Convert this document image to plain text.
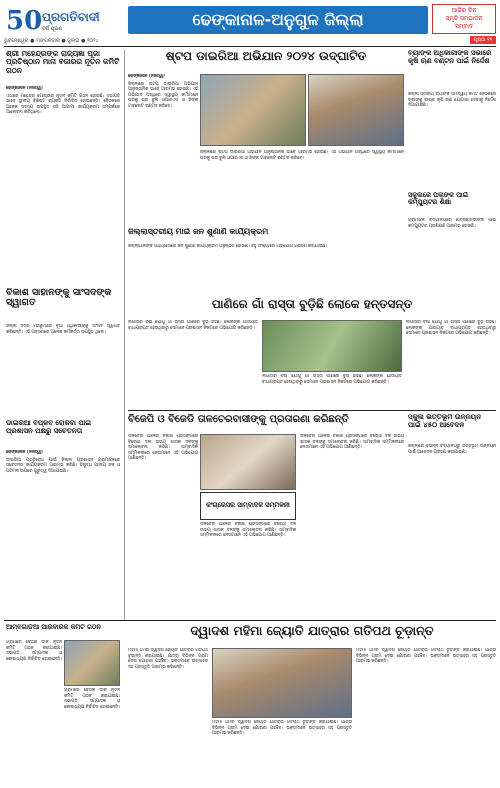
50 ପ୍ରଗତିବାଦୀ
ବର୍ଷ ପୂରଣ	ଢେଙ୍କାନାଳ-ଅନୁଗୁଳ ଜିଲ୍ଲା	ଆଜିର ଦିନ
ସ୍ମୃତି ସମ୍ପାଦନ
ସମ୍ବାଦ
ଭୁବନେଶ୍ୱର ● ମଙ୍ଗଳବାର ● ଜୁଲାଇ ● ୨୦୨୪	ପୃଷ୍ଠା ୧୧
ଶ୍ରୀ ମହେନ୍ଦ୍ରଙ୍କ ରାଜ୍ୟଜ୍ଞା ପୂଜା ପ୍ରତିଷ୍ଠାନ ମାନା ବଜାରର ନୂତନ କମିଟି ଗଠନ

ଢେଙ୍କାନାଳ (ନିଜସ୍ୱ)

ଏଠାରେ ମହେନ୍ଦ୍ର ଗୋଷ୍ଠୀର ନୂତନ କମିଟି ଗଠନ ହୋଇଛି। ସଭାପତି ଭାବେ ସ୍ଥାନୀୟ ବିଶିଷ୍ଟ ବ୍ୟକ୍ତି ନିର୍ବାଚିତ ହୋଇଛନ୍ତି। ବୈଠକରେ ଅନେକ ସଦସ୍ୟ ଉପସ୍ଥିତ ରହି ଆଗାମୀ କାର୍ଯ୍ୟକ୍ରମ ସମ୍ପର୍କରେ ଆଲୋଚନା କରିଥିଲେ।

ବିକାଶ ସାହାନଙ୍କୁ ସାଂସଦଙ୍କ ସ୍ୱାଗତ
ଜିଲ୍ଲା ସଦର ମହକୁମାରେ ନୂଆ ଅଧିକାରୀଙ୍କୁ ସାଂସଦ ସ୍ୱାଗତ କରିଛନ୍ତି। ଏହି ଅବସରରେ ଅନେକ କର୍ମକର୍ତ୍ତା ଉପସ୍ଥିତ ଥିଲେ।
ଡାଇରିଆ ବିପ୍ଳବ ରୋକିବା ପାଇଁ ପ୍ରଶାସନ ପକ୍ଷରୁ ସଚେତନତା

ଢେଙ୍କାନାଳ (ନିଜସ୍ୱ)

ଡାଇରିଆ ପ୍ରତିରୋଧ ପାଇଁ ଜିଲ୍ଲା ପ୍ରଶାସନ ଗ୍ରାମାଞ୍ଚଳରେ ସଚେତନତା କାର୍ଯ୍ୟକ୍ରମ ଆରମ୍ଭ କରିଛି। ବିଶୁଦ୍ଧ ପାନୀୟ ଜଳ ଓ ପରିମଳ ଉପରେ ଗୁରୁତ୍ୱ ଦିଆଯାଉଛି।

ଷ୍ଟପ ଡାଇରିଆ ଅଭିଯାନ ୨୦୨୪ ଉଦ୍‌ଘାଟିତ

ଢେଙ୍କାନାଳ (ନିଜସ୍ୱ)

ଜିଲ୍ଲାରେ ଷ୍ଟପ ଡାଇରିଆ ଅଭିଯାନ ଆନୁଷ୍ଠାନିକ ଭାବେ ଆରମ୍ଭ ହୋଇଛି। ଏହି ଅଭିଯାନ ଅବଧିରେ ସ୍ୱାସ୍ଥ୍ୟ କର୍ମୀମାନେ ଘରକୁ ଘର ବୁଲି ଓଆରଏସ ଓ ଜିଙ୍କ ଟାବଲେଟ ବଣ୍ଟନ କରିବେ।

ଜିଲ୍ଲାରେ ଷ୍ଟପ ଡାଇରିଆ ଅଭିଯାନ ଆନୁଷ୍ଠାନିକ ଭାବେ ଆରମ୍ଭ ହୋଇଛି। ଏହି ଅଭିଯାନ ଅବଧିରେ ସ୍ୱାସ୍ଥ୍ୟ କର୍ମୀମାନେ ଘରକୁ ଘର ବୁଲି ଓଆରଏସ ଓ ଜିଙ୍କ ଟାବଲେଟ ବଣ୍ଟନ କରିବେ।
ଜିଲ୍ଲାସ୍ତରୀୟ ମାଇଁ ଜନ ଶୁଣାଣି କାର୍ଯ୍ୟକ୍ରମ
ଜିଲ୍ଲାପାଳଙ୍କ ଅଧ୍ୟକ୍ଷତାରେ ଜନ ଶୁଣାଣି କାର୍ଯ୍ୟକ୍ରମ ଅନୁଷ୍ଠିତ ହୋଇଛି। ବହୁ ସଂଖ୍ୟାରେ ଅଭିଯୋଗ ଗ୍ରହଣ କରାଯାଇଛି।
ବ୍ୟାଙ୍କ ଅଧିକାରୀଙ୍କ ସଭାରେ କୃଷି ଋଣ ବଣ୍ଟନ ପାଇଁ ନିର୍ଦ୍ଦେଶ
ଜିଲ୍ଲା ସ୍ତରୀୟ ବ୍ୟାଙ୍କ ସମନ୍ୱୟ କମିଟି ବୈଠକରେ ଚାଷୀଙ୍କୁ ଶୀଘ୍ର କୃଷି ଋଣ ଯୋଗାଇ ଦେବାକୁ ନିର୍ଦ୍ଦେଶ ଦିଆଯାଇଛି।
ସ୍କୁଲରେ ପିଲାଙ୍କ ପାଇଁ କମ୍ପ୍ୟୁଟର ଶିକ୍ଷା
ଗ୍ରାମାଞ୍ଚଳ ବିଦ୍ୟାଳୟରେ ଛାତ୍ରଛାତ୍ରୀଙ୍କ ପାଇଁ କମ୍ପ୍ୟୁଟର ପ୍ରଶିକ୍ଷଣ ଆରମ୍ଭ ହୋଇଛି।
ପାଣିରେ ଗାଁ ରାସ୍ତା ବୁଡ଼ିଛି ଲୋକେ ହନ୍ତସନ୍ତ
ଲଗାତାର ବର୍ଷା ଯୋଗୁଁ ଗାଁ ରାସ୍ତା ପାଣିରେ ବୁଡ଼ି ରହିଛି। ଲୋକଙ୍କ ଯାତାୟାତ ବାଧାପ୍ରାପ୍ତ ହେଉଥିବାରୁ ସେମାନେ ପ୍ରଶାସନ ନିକଟରେ ଅଭିଯୋଗ କରିଛନ୍ତି।
ଲଗାତାର ବର୍ଷା ଯୋଗୁଁ ଗାଁ ରାସ୍ତା ପାଣିରେ ବୁଡ଼ି ରହିଛି। ଲୋକଙ୍କ ଯାତାୟାତ ବାଧାପ୍ରାପ୍ତ ହେଉଥିବାରୁ ସେମାନେ ପ୍ରଶାସନ ନିକଟରେ ଅଭିଯୋଗ କରିଛନ୍ତି।
ଲଗାତାର ବର୍ଷା ଯୋଗୁଁ ଗାଁ ରାସ୍ତା ପାଣିରେ ବୁଡ଼ି ରହିଛି। ଲୋକଙ୍କ ଯାତାୟାତ ବାଧାପ୍ରାପ୍ତ ହେଉଥିବାରୁ ସେମାନେ ପ୍ରଶାସନ ନିକଟରେ ଅଭିଯୋଗ କରିଛନ୍ତି।
ବିଜେପି ଓ ବିଜେଡି ତାଳଚେରବାସୀଙ୍କୁ ପ୍ରତାରଣା କରିଛନ୍ତି
ତାଳଚେର ଅଞ୍ଚଳର ବିକାଶ ପ୍ରସଙ୍ଗରେ ବିରୋଧୀ ଦଳ ଉଭୟ ଶାସକ ଦଳଙ୍କୁ ସମାଲୋଚନା କରିଛି। ସାମ୍ବାଦିକ ସମ୍ମିଳନୀରେ ନେତାମାନେ ଏହି ଅଭିଯୋଗ ଆଣିଛନ୍ତି।
କଂଗ୍ରେସର ସାମ୍ବାଦିକ ସମ୍ମିଳନୀ
ତାଳଚେର ଅଞ୍ଚଳର ବିକାଶ ପ୍ରସଙ୍ଗରେ ବିରୋଧୀ ଦଳ ଉଭୟ ଶାସକ ଦଳଙ୍କୁ ସମାଲୋଚନା କରିଛି। ସାମ୍ବାଦିକ ସମ୍ମିଳନୀରେ ନେତାମାନେ ଏହି ଅଭିଯୋଗ ଆଣିଛନ୍ତି।
ତାଳଚେର ଅଞ୍ଚଳର ବିକାଶ ପ୍ରସଙ୍ଗରେ ବିରୋଧୀ ଦଳ ଉଭୟ ଶାସକ ଦଳଙ୍କୁ ସମାଲୋଚନା କରିଛି। ସାମ୍ବାଦିକ ସମ୍ମିଳନୀରେ ନେତାମାନେ ଏହି ଅଭିଯୋଗ ଆଣିଛନ୍ତି।
ସ୍କୁଲ ଭିତ୍ତିଭୂମି ଉନ୍ନୟନ ପାଇଁ ୪୫୦ ଆବେଦନ
ଜିଲ୍ଲାରେ ବିଭିନ୍ନ ବିଦ୍ୟାଳୟରୁ ଭିତ୍ତିଭୂମି ଉନ୍ନୟନ ପାଇଁ ଆବେଦନ ଗ୍ରହଣ କରାଯାଇଛି।
ଆମ୍ବଗାଡ଼ିଆ ପାରିବାରିକ କମିଟି ଗଠନ
ଗ୍ରାମରେ ବୈଠକ ଡାକି ନୂତନ କମିଟି ଗଠନ କରାଯାଇଛି। ସଭାପତି, ସମ୍ପାଦକ ଓ କୋଷାଧ୍ୟକ୍ଷ ନିର୍ବାଚିତ ହୋଇଛନ୍ତି।
ଗ୍ରାମରେ ବୈଠକ ଡାକି ନୂତନ କମିଟି ଗଠନ କରାଯାଇଛି। ସଭାପତି, ସମ୍ପାଦକ ଓ କୋଷାଧ୍ୟକ୍ଷ ନିର୍ବାଚିତ ହୋଇଛନ୍ତି।
ଦ୍ୱାଦଶ ମହିମା ଜ୍ୟୋତି ଯାତ୍ରାର ଗତିପଥ ଚୂଡ଼ାନ୍ତ
ମହିମା ଧର୍ମର ଦ୍ୱାଦଶ ଜ୍ୟୋତି ଯାତ୍ରାର ଗତିପଥ ଚୂଡ଼ାନ୍ତ କରାଯାଇଛି। ଯାତ୍ରା ବିଭିନ୍ନ ଗ୍ରାମ ଦେଇ ଯୋରନ୍ଦା ପହଞ୍ଚିବ। ଭକ୍ତମାନେ ଉତ୍ସାହର ସହ ପ୍ରସ୍ତୁତି ଆରମ୍ଭ କରିଛନ୍ତି।
ମହିମା ଧର୍ମର ଦ୍ୱାଦଶ ଜ୍ୟୋତି ଯାତ୍ରାର ଗତିପଥ ଚୂଡ଼ାନ୍ତ କରାଯାଇଛି। ଯାତ୍ରା ବିଭିନ୍ନ ଗ୍ରାମ ଦେଇ ଯୋରନ୍ଦା ପହଞ୍ଚିବ। ଭକ୍ତମାନେ ଉତ୍ସାହର ସହ ପ୍ରସ୍ତୁତି ଆରମ୍ଭ କରିଛନ୍ତି।
ମହିମା ଧର୍ମର ଦ୍ୱାଦଶ ଜ୍ୟୋତି ଯାତ୍ରାର ଗତିପଥ ଚୂଡ଼ାନ୍ତ କରାଯାଇଛି। ଯାତ୍ରା ବିଭିନ୍ନ ଗ୍ରାମ ଦେଇ ଯୋରନ୍ଦା ପହଞ୍ଚିବ। ଭକ୍ତମାନେ ଉତ୍ସାହର ସହ ପ୍ରସ୍ତୁତି ଆରମ୍ଭ କରିଛନ୍ତି।
